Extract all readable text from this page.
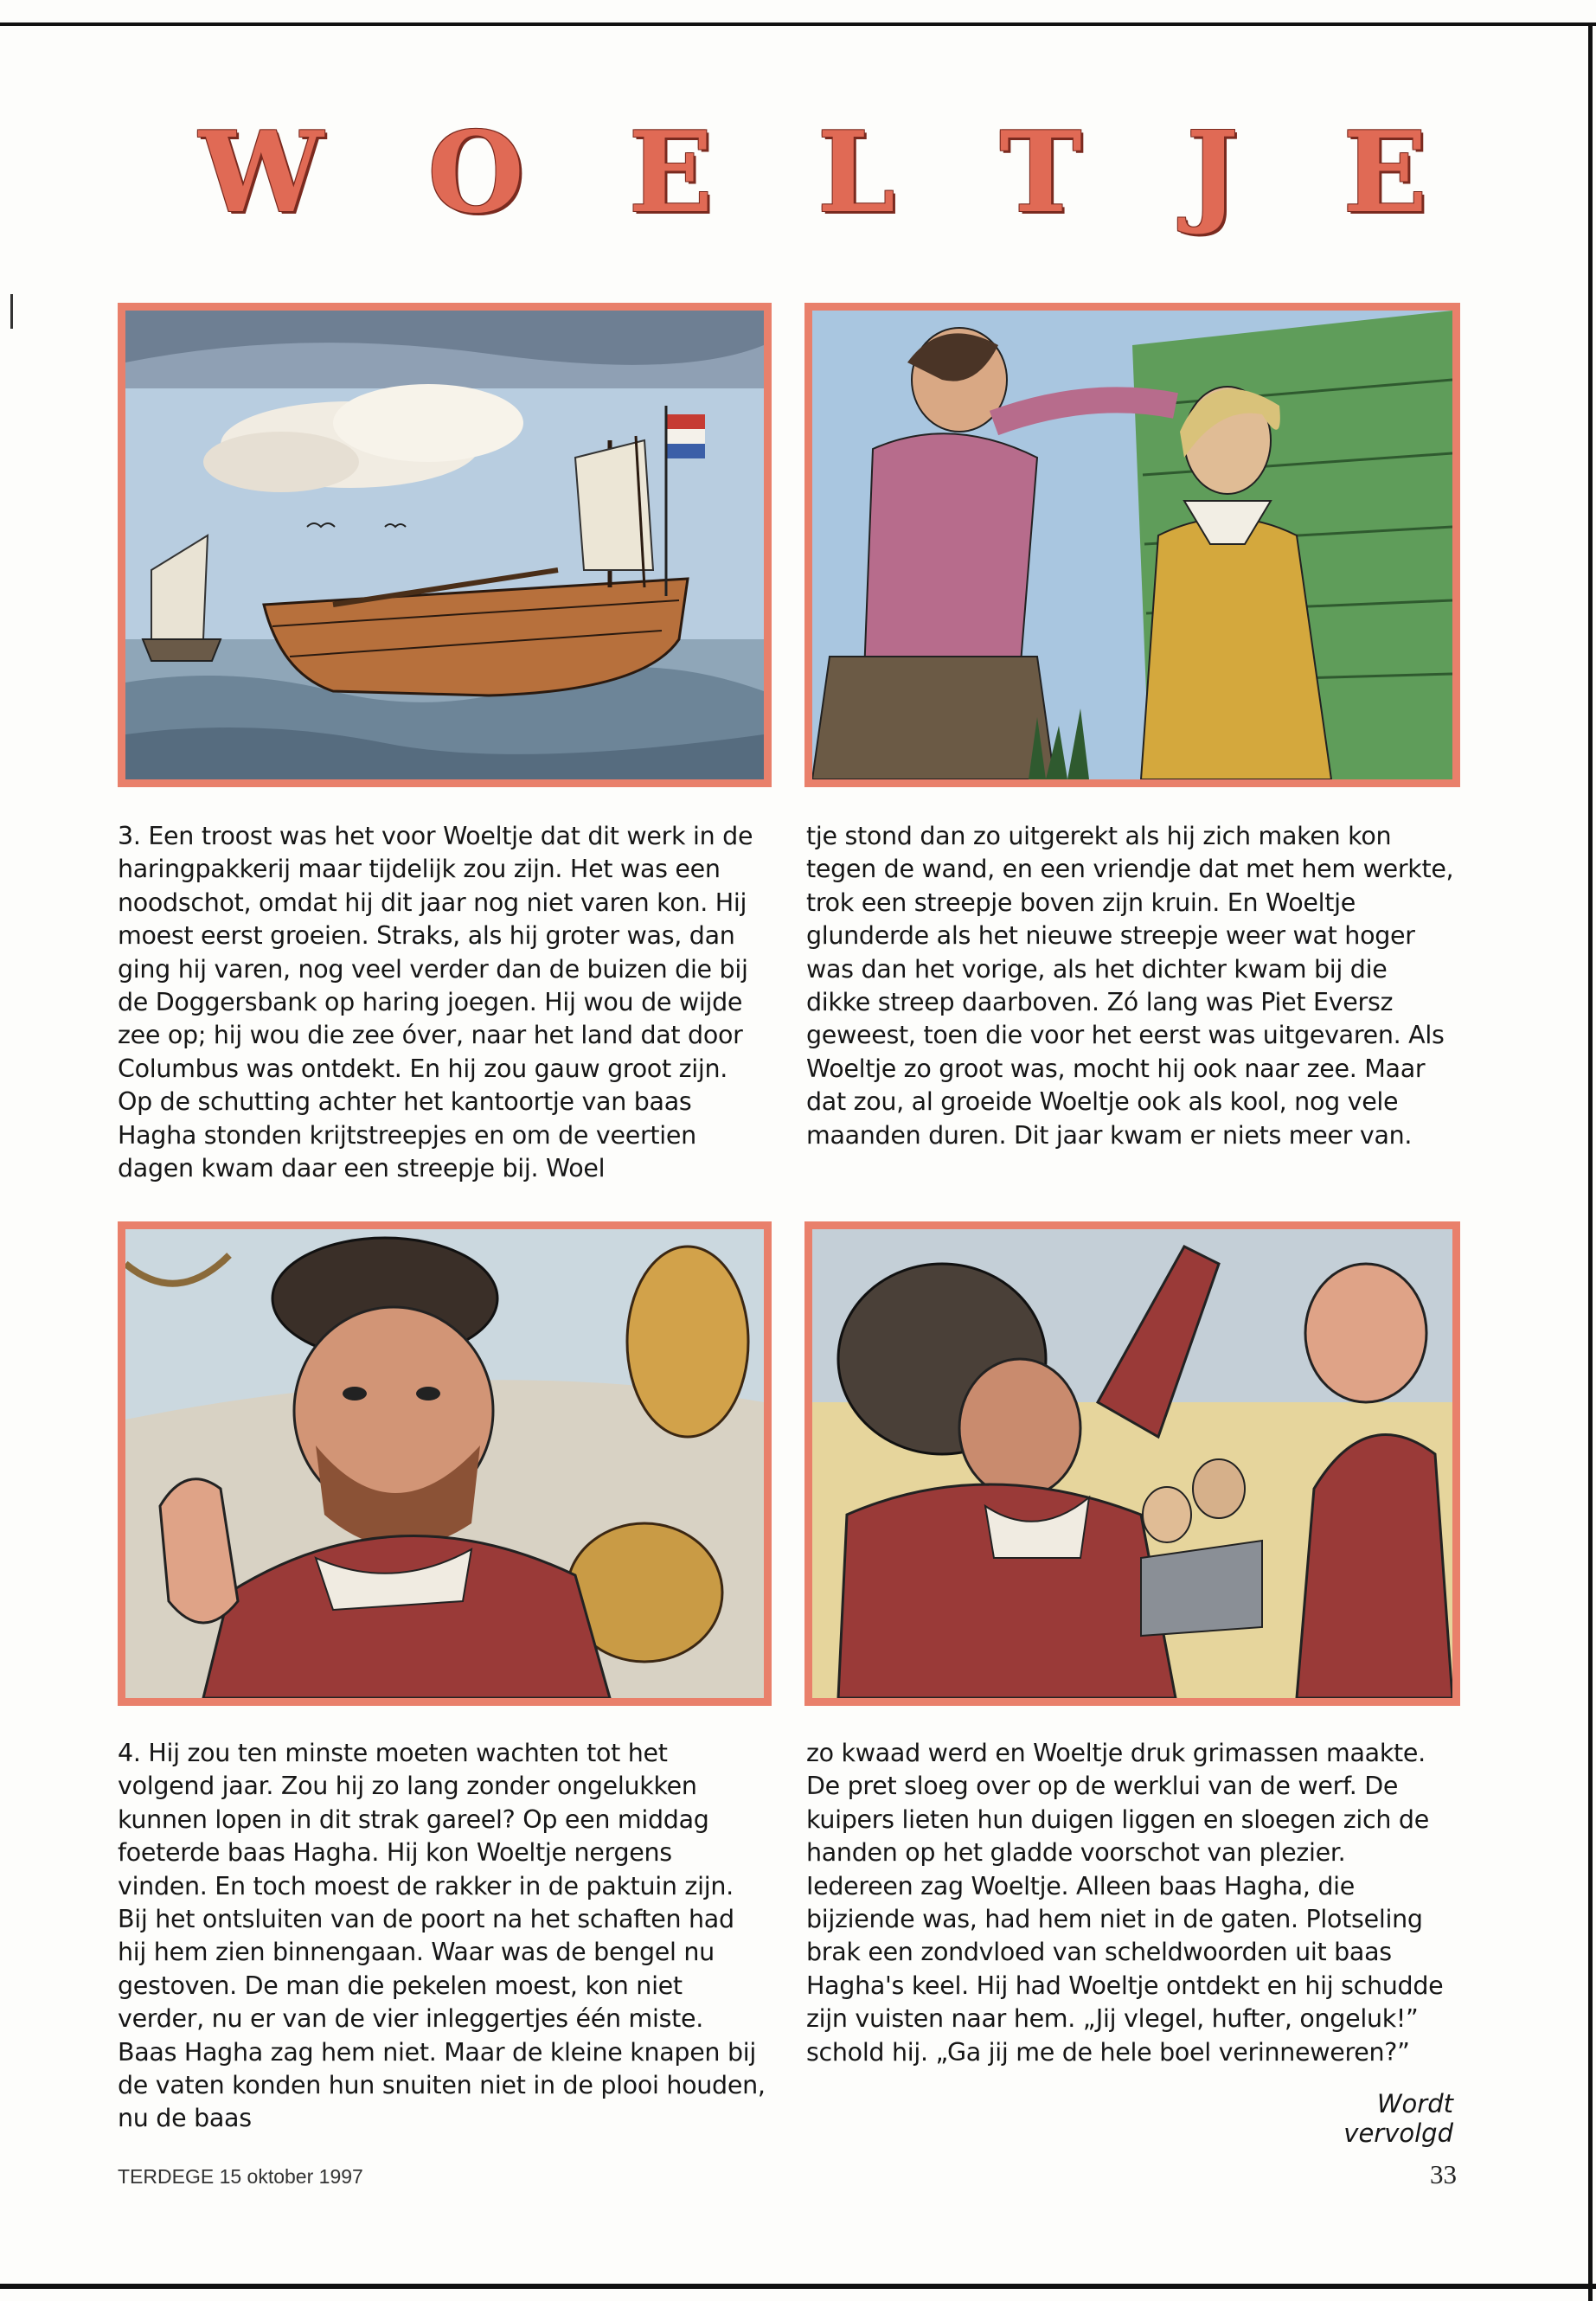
W O E L T J E

3. Een troost was het voor Woeltje dat dit werk in de haringpakkerij maar tijdelijk zou zijn. Het was een noodschot, omdat hij dit jaar nog niet varen kon. Hij moest eerst groeien. Straks, als hij groter was, dan ging hij varen, nog veel verder dan de buizen die bij de Doggersbank op haring joegen. Hij wou de wijde zee op; hij wou die zee óver, naar het land dat door Columbus was ontdekt. En hij zou gauw groot zijn. Op de schutting achter het kantoortje van baas Hagha stonden krijtstreepjes en om de veertien dagen kwam daar een streepje bij. Woel

tje stond dan zo uitgerekt als hij zich maken kon tegen de wand, en een vriendje dat met hem werkte, trok een streepje boven zijn kruin. En Woeltje glunderde als het nieuwe streepje weer wat hoger was dan het vorige, als het dichter kwam bij die dikke streep daarboven. Zó lang was Piet Eversz geweest, toen die voor het eerst was uitgevaren. Als Woeltje zo groot was, mocht hij ook naar zee. Maar dat zou, al groeide Woeltje ook als kool, nog vele maanden duren. Dit jaar kwam er niets meer van.

4. Hij zou ten minste moeten wachten tot het volgend jaar. Zou hij zo lang zonder ongelukken kunnen lopen in dit strak gareel? Op een middag foeterde baas Hagha. Hij kon Woeltje nergens vinden. En toch moest de rakker in de paktuin zijn. Bij het ontsluiten van de poort na het schaften had hij hem zien binnengaan. Waar was de bengel nu gestoven. De man die pekelen moest, kon niet verder, nu er van de vier inleggertjes één miste. Baas Hagha zag hem niet. Maar de kleine knapen bij de vaten konden hun snuiten niet in de plooi houden, nu de baas

zo kwaad werd en Woeltje druk grimassen maakte. De pret sloeg over op de werklui van de werf. De kuipers lieten hun duigen liggen en sloegen zich de handen op het gladde voorschot van plezier. Iedereen zag Woeltje. Alleen baas Hagha, die bijziende was, had hem niet in de gaten. Plotseling brak een zondvloed van scheldwoorden uit baas Hagha's keel. Hij had Woeltje ontdekt en hij schudde zijn vuisten naar hem. „Jij vlegel, hufter, ongeluk!” schold hij. „Ga jij me de hele boel verinneweren?”

Wordt vervolgd
TERDEGE 15 oktober 1997	33
